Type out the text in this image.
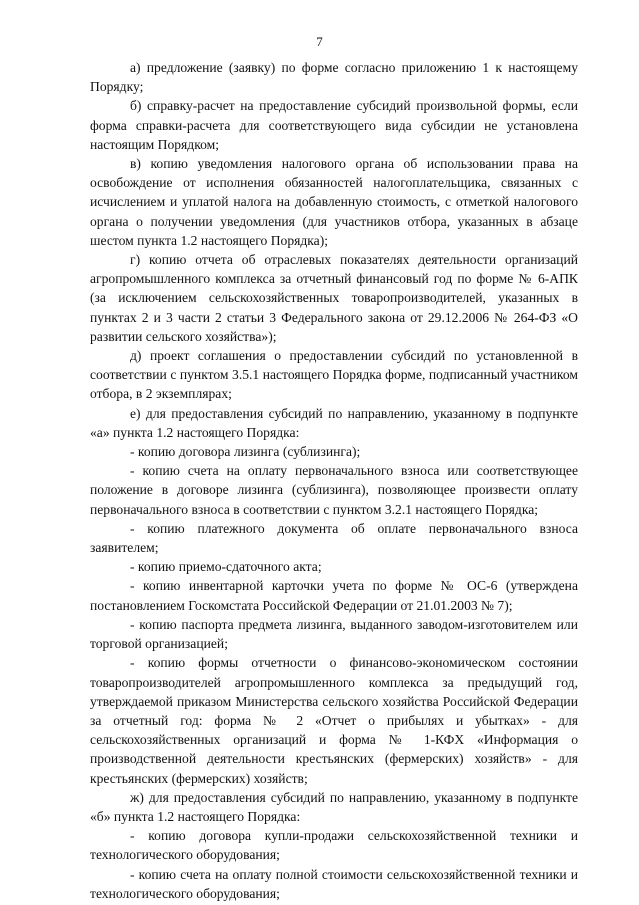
7

а) предложение (заявку) по форме согласно приложению 1 к настоящему Порядку;

б) справку-расчет на предоставление субсидий произвольной формы, если форма справки-расчета для соответствующего вида субсидии не установлена настоящим Порядком;

в) копию уведомления налогового органа об использовании права на освобождение от исполнения обязанностей налогоплательщика, связанных с исчислением и уплатой налога на добавленную стоимость, с отметкой налогового органа о получении уведомления (для участников отбора, указанных в абзаце шестом пункта 1.2 настоящего Порядка);

г) копию отчета об отраслевых показателях деятельности организаций агропромышленного комплекса за отчетный финансовый год по форме № 6-АПК (за исключением сельскохозяйственных товаропроизводителей, указанных в пунктах 2 и 3 части 2 статьи 3 Федерального закона от 29.12.2006 № 264-ФЗ «О развитии сельского хозяйства»);

д) проект соглашения о предоставлении субсидий по установленной в соответствии с пунктом 3.5.1 настоящего Порядка форме, подписанный участником отбора, в 2 экземплярах;

е) для предоставления субсидий по направлению, указанному в подпункте «а» пункта 1.2 настоящего Порядка:

- копию договора лизинга (сублизинга);

- копию счета на оплату первоначального взноса или соответствующее положение в договоре лизинга (сублизинга), позволяющее произвести оплату первоначального взноса в соответствии с пунктом 3.2.1 настоящего Порядка;

- копию платежного документа об оплате первоначального взноса заявителем;

- копию приемо-сдаточного акта;

- копию инвентарной карточки учета по форме № ОС-6 (утверждена постановлением Госкомстата Российской Федерации от 21.01.2003 № 7);

- копию паспорта предмета лизинга, выданного заводом-изготовителем или торговой организацией;

- копию формы отчетности о финансово-экономическом состоянии товаропроизводителей агропромышленного комплекса за предыдущий год, утверждаемой приказом Министерства сельского хозяйства Российской Федерации за отчетный год: форма № 2 «Отчет о прибылях и убытках» - для сельскохозяйственных организаций и форма № 1-КФХ «Информация о производственной деятельности крестьянских (фермерских) хозяйств» - для крестьянских (фермерских) хозяйств;

ж) для предоставления субсидий по направлению, указанному в подпункте «б» пункта 1.2 настоящего Порядка:

- копию договора купли-продажи сельскохозяйственной техники и технологического оборудования;

- копию счета на оплату полной стоимости сельскохозяйственной техники и технологического оборудования;
